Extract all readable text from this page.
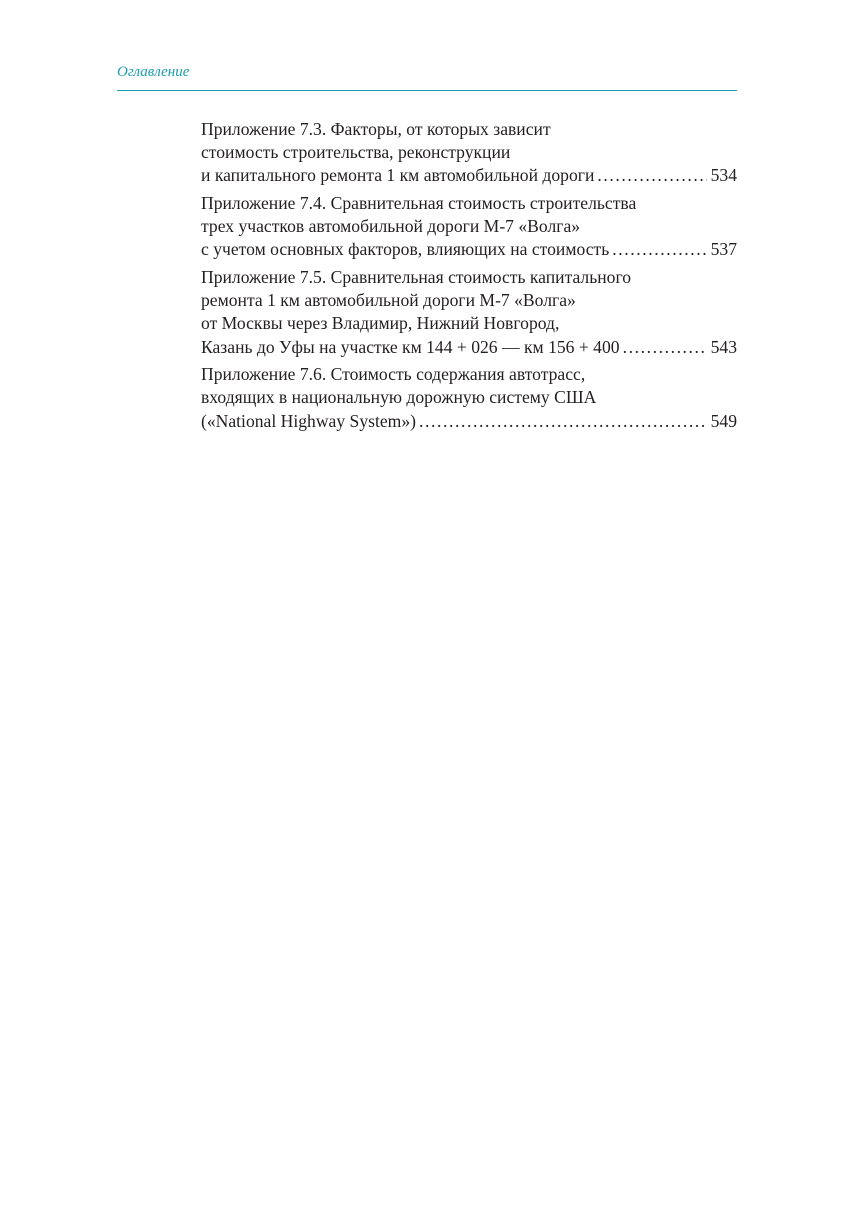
Оглавление
Приложение 7.3. Факторы, от которых зависит
стоимость строительства, реконструкции
и капитального ремонта 1 км автомобильной дороги .....	534
Приложение 7.4. Сравнительная стоимость строительства
трех участков автомобильной дороги М-7 «Волга»
с учетом основных факторов, влияющих на стоимость .....	537
Приложение 7.5. Сравнительная стоимость капитального
ремонта 1 км автомобильной дороги М-7 «Волга»
от Москвы через Владимир, Нижний Новгород,
Казань до Уфы на участке км 144 + 026 — км 156 + 400 .....	543
Приложение 7.6. Стоимость содержания автотрасс,
входящих в национальную дорожную систему США
(«National Highway System») .....	549
